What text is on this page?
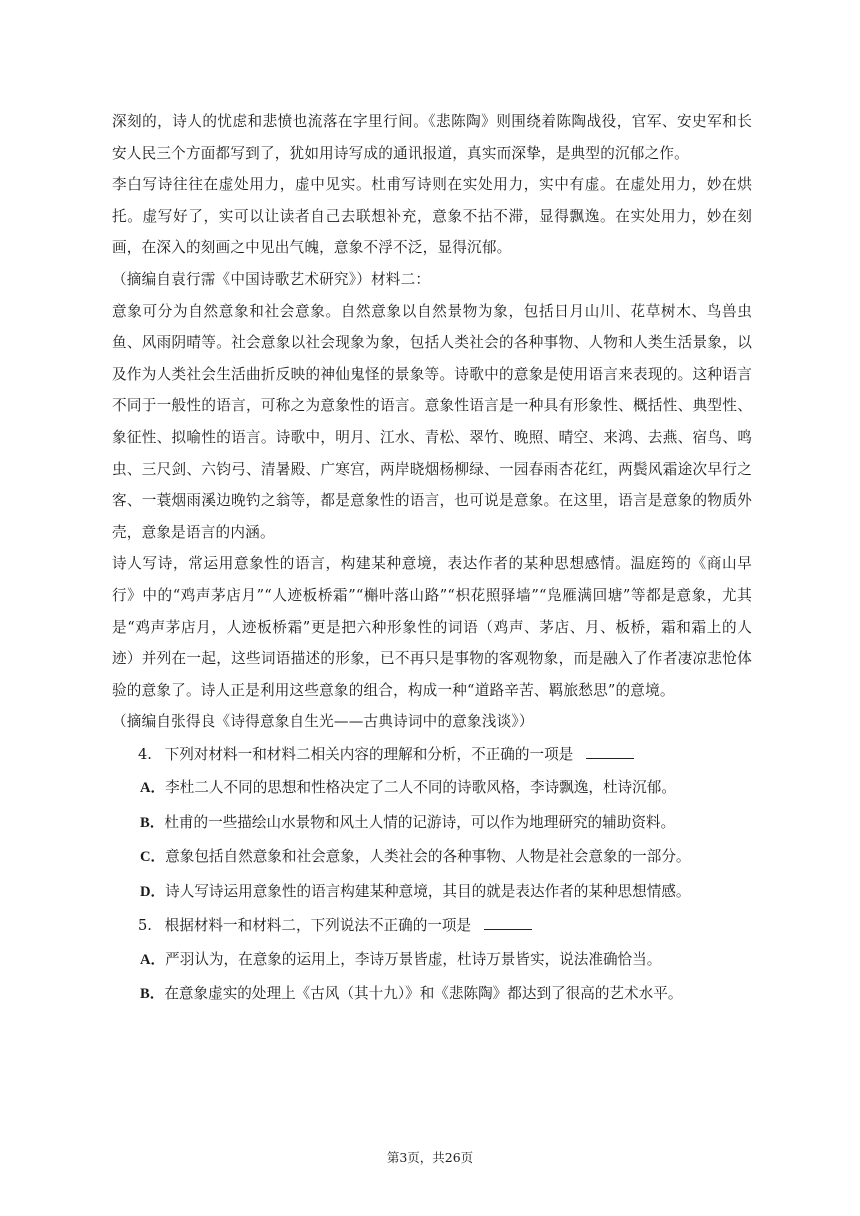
深刻的，诗人的忧虑和悲愤也流落在字里行间。《悲陈陶》则围绕着陈陶战役，官军、安史军和长安人民三个方面都写到了，犹如用诗写成的通讯报道，真实而深挚，是典型的沉郁之作。

李白写诗往往在虚处用力，虚中见实。杜甫写诗则在实处用力，实中有虚。在虚处用力，妙在烘托。虚写好了，实可以让读者自己去联想补充，意象不拈不滞，显得飘逸。在实处用力，妙在刻画，在深入的刻画之中见出气魄，意象不浮不泛，显得沉郁。

（摘编自袁行霈《中国诗歌艺术研究》）材料二：

意象可分为自然意象和社会意象。自然意象以自然景物为象，包括日月山川、花草树木、鸟兽虫鱼、风雨阴晴等。社会意象以社会现象为象，包括人类社会的各种事物、人物和人类生活景象，以及作为人类社会生活曲折反映的神仙鬼怪的景象等。诗歌中的意象是使用语言来表现的。这种语言不同于一般性的语言，可称之为意象性的语言。意象性语言是一种具有形象性、概括性、典型性、象征性、拟喻性的语言。诗歌中，明月、江水、青松、翠竹、晚照、晴空、来鸿、去燕、宿鸟、鸣虫、三尺剑、六钧弓、清暑殿、广寒宫，两岸晓烟杨柳绿、一园春雨杏花红，两鬓风霜途次早行之客、一蓑烟雨溪边晚钓之翁等，都是意象性的语言，也可说是意象。在这里，语言是意象的物质外壳，意象是语言的内涵。

诗人写诗，常运用意象性的语言，构建某种意境，表达作者的某种思想感情。温庭筠的《商山早行》中的“鸡声茅店月”“人迹板桥霜”“槲叶落山路”“枳花照驿墙”“凫雁满回塘”等都是意象，尤其是“鸡声茅店月，人迹板桥霜”更是把六种形象性的词语（鸡声、茅店、月、板桥，霜和霜上的人迹）并列在一起，这些词语描述的形象，已不再只是事物的客观物象，而是融入了作者凄凉悲怆体验的意象了。诗人正是利用这些意象的组合，构成一种“道路辛苦、羁旅愁思”的意境。

（摘编自张得良《诗得意象自生光——古典诗词中的意象浅谈》）

4. 下列对材料一和材料二相关内容的理解和分析，不正确的一项是

A．李杜二人不同的思想和性格决定了二人不同的诗歌风格，李诗飘逸，杜诗沉郁。

B．杜甫的一些描绘山水景物和风土人情的记游诗，可以作为地理研究的辅助资料。

C．意象包括自然意象和社会意象，人类社会的各种事物、人物是社会意象的一部分。

D．诗人写诗运用意象性的语言构建某种意境，其目的就是表达作者的某种思想情感。

5. 根据材料一和材料二，下列说法不正确的一项是

A．严羽认为，在意象的运用上，李诗万景皆虚，杜诗万景皆实，说法准确恰当。

B．在意象虚实的处理上《古风（其十九）》和《悲陈陶》都达到了很高的艺术水平。

第3页，共26页
